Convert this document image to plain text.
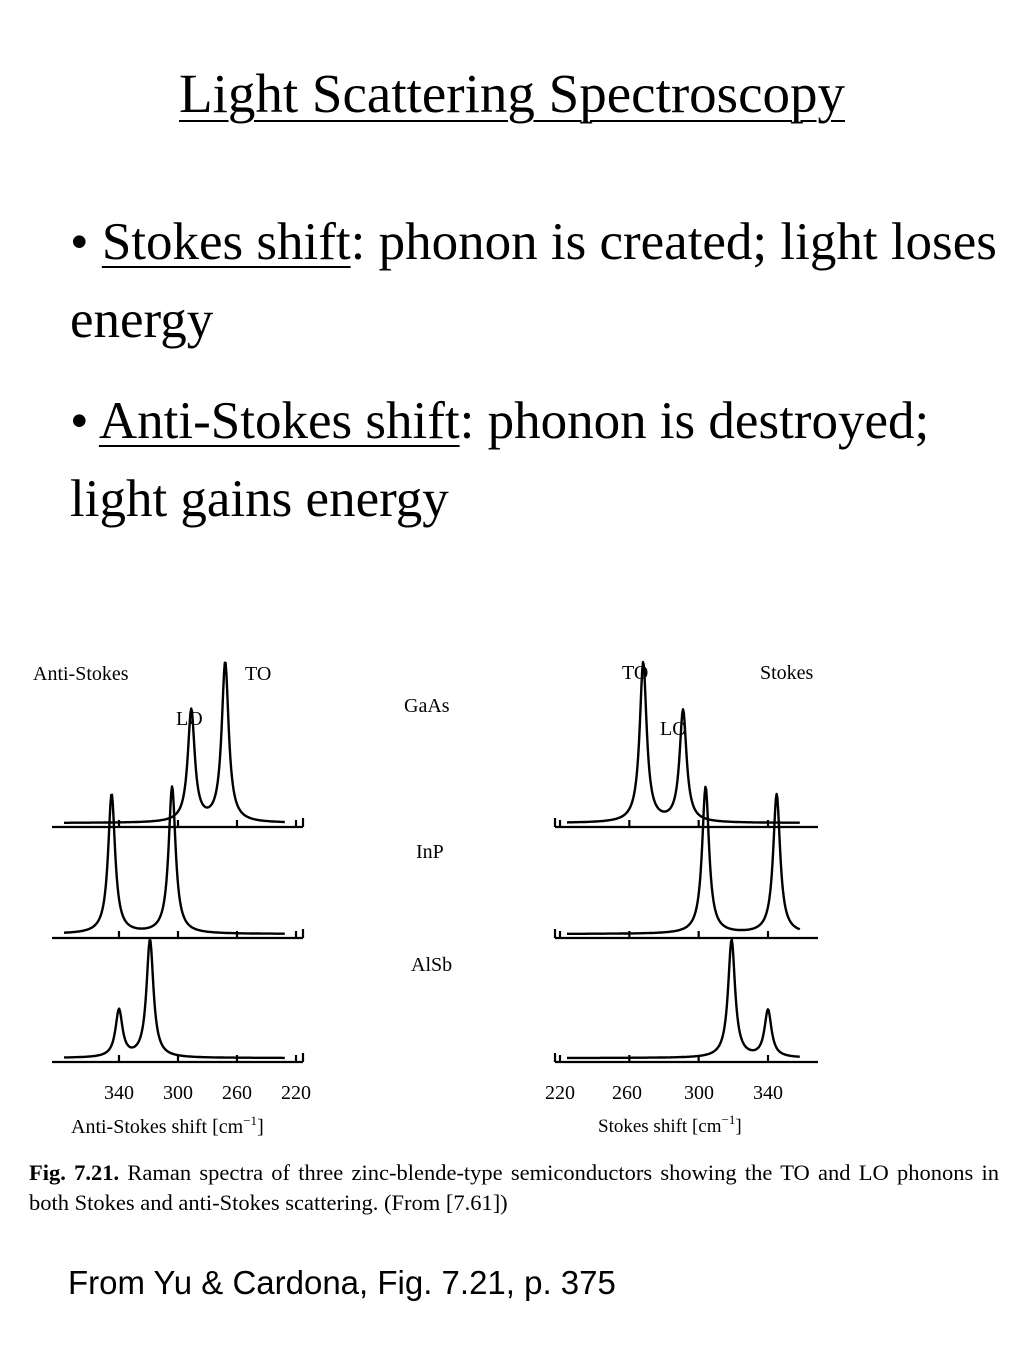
Light Scattering Spectroscopy
• Stokes shift: phonon is created; light loses energy
• Anti-Stokes shift: phonon is destroyed; light gains energy
Anti-Stokes	Stokes
GaAs
InP
AlSb
TO
LO
TO
LO
340 300 260 220	220 260 300 340
Anti-Stokes shift $[cm^{-1}]$	Stokes shift $[cm^{-1}]$
Fig. 7.21. Raman spectra of three zinc-blende-type semiconductors showing the TO and LO phonons in both Stokes and anti-Stokes scattering. (From [7.61])
From Yu & Cardona, Fig. 7.21, p. 375
